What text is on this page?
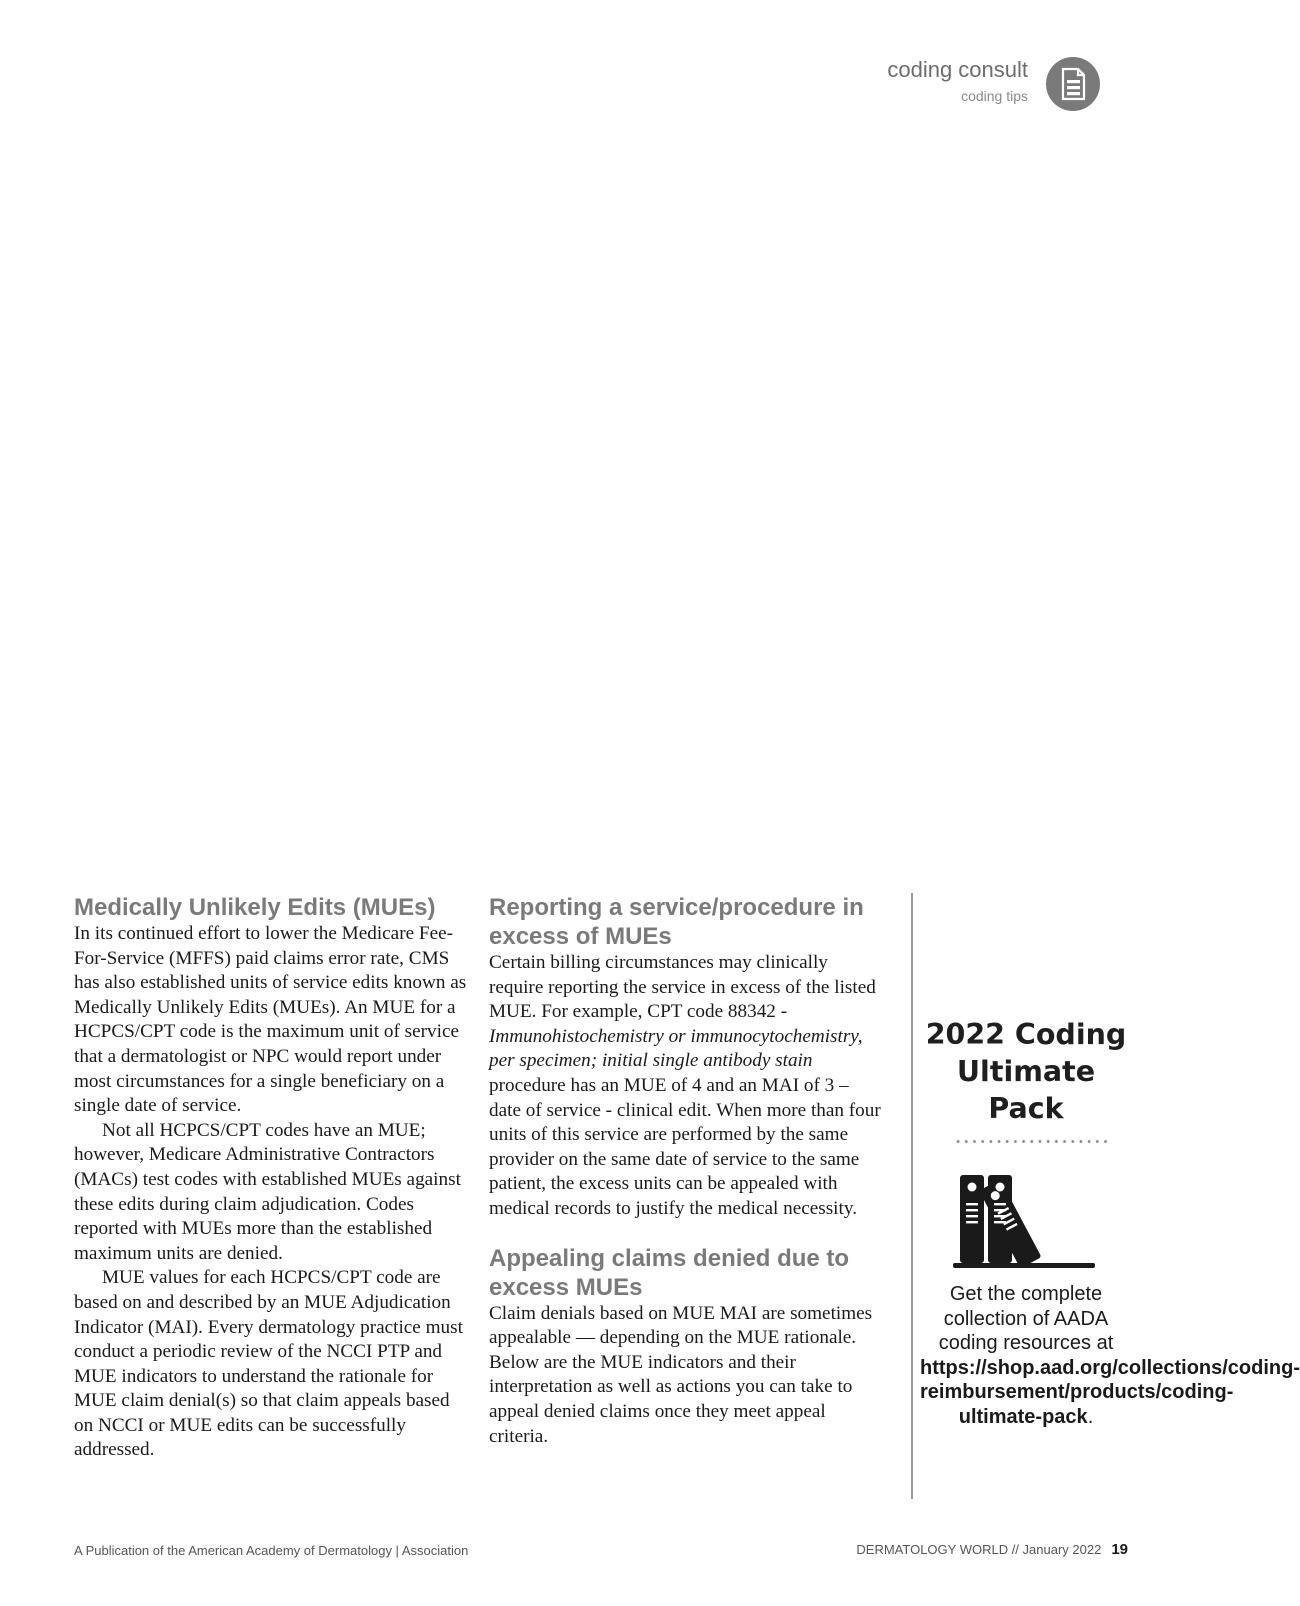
coding consult
coding tips
Medically Unlikely Edits (MUEs)

In its continued effort to lower the Medicare Fee-For-Service (MFFS) paid claims error rate, CMS has also established units of service edits known as Medically Unlikely Edits (MUEs). An MUE for a HCPCS/CPT code is the maximum unit of service that a dermatologist or NPC would report under most circumstances for a single beneficiary on a single date of service.

Not all HCPCS/CPT codes have an MUE; however, Medicare Administrative Contractors (MACs) test codes with established MUEs against these edits during claim adjudication. Codes reported with MUEs more than the established maximum units are denied.

MUE values for each HCPCS/CPT code are based on and described by an MUE Adjudication Indicator (MAI). Every dermatology practice must conduct a periodic review of the NCCI PTP and MUE indicators to understand the rationale for MUE claim denial(s) so that claim appeals based on NCCI or MUE edits can be successfully addressed.

Reporting a service/procedure in excess of MUEs

Certain billing circumstances may clinically require reporting the service in excess of the listed MUE. For example, CPT code 88342 - Immunohistochemistry or immunocytochemistry, per specimen; initial single antibody stain procedure has an MUE of 4 and an MAI of 3 – date of service - clinical edit. When more than four units of this service are performed by the same provider on the same date of service to the same patient, the excess units can be appealed with medical records to justify the medical necessity.

Appealing claims denied due to excess MUEs

Claim denials based on MUE MAI are sometimes appealable — depending on the MUE rationale. Below are the MUE indicators and their interpretation as well as actions you can take to appeal denied claims once they meet appeal criteria.

2022 Coding Ultimate Pack
Get the complete collection of AADA coding resources at https://shop.aad.org/collections/coding-reimbursement/products/coding-ultimate-pack.
A Publication of the American Academy of Dermatology | Association	DERMATOLOGY WORLD // January 2022 19
